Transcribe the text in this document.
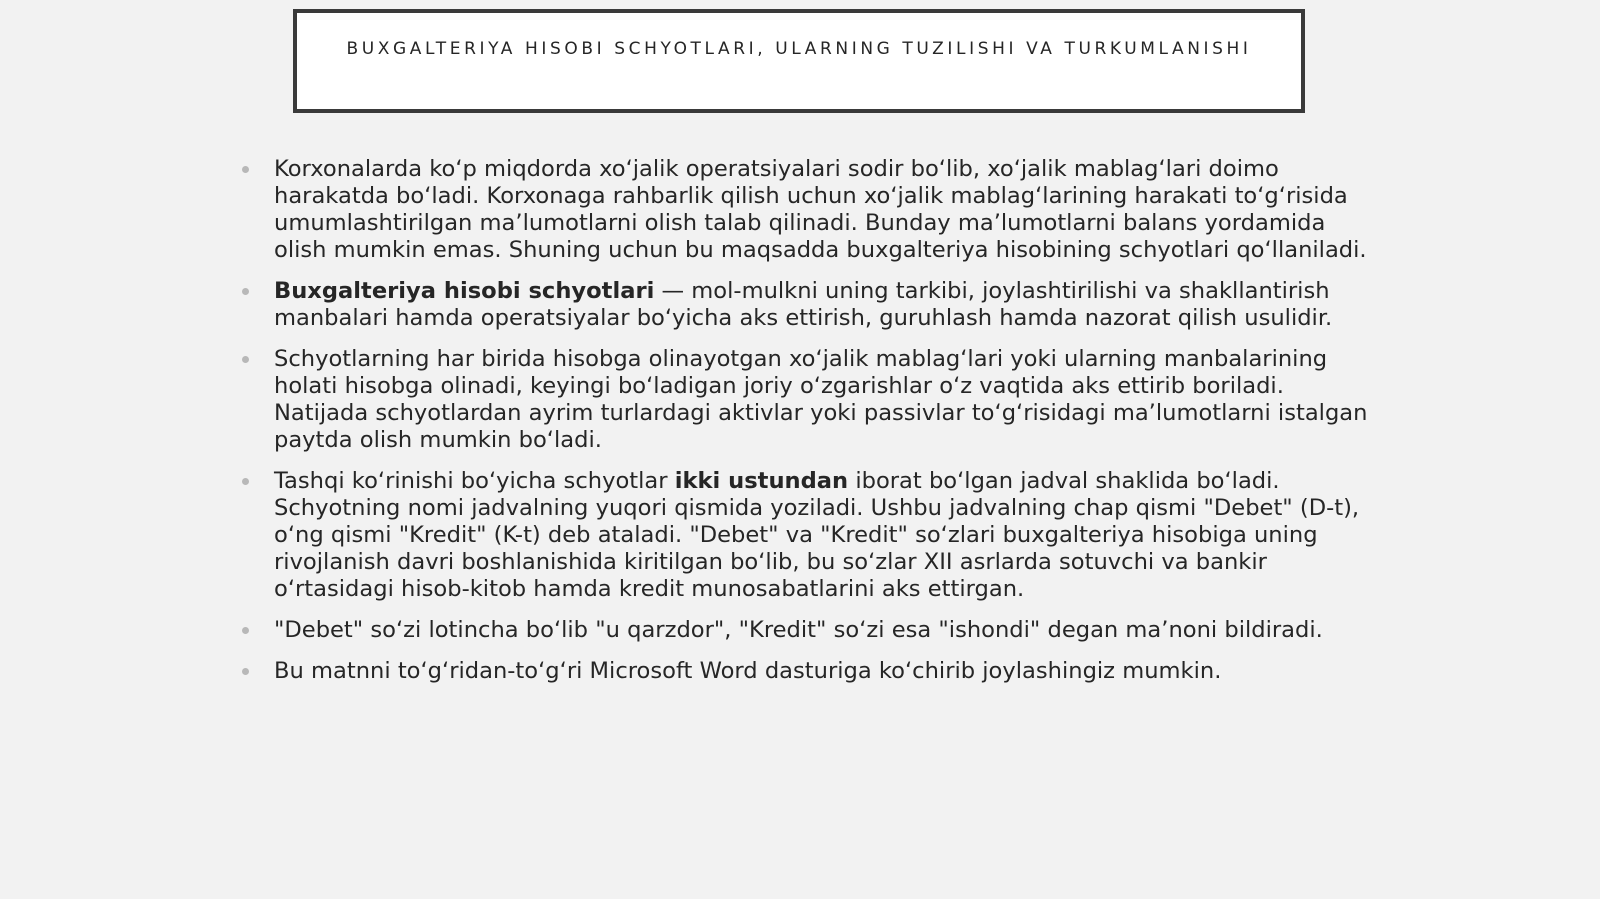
BUXGALTERIYA HISOBI SCHYOTLARI, ULARNING TUZILISHI VA TURKUMLANISHI
Korxonalarda ko‘p miqdorda xo‘jalik operatsiyalari sodir bo‘lib, xo‘jalik mablag‘lari doimo harakatda bo‘ladi. Korxonaga rahbarlik qilish uchun xo‘jalik mablag‘larining harakati to‘g‘risida umumlashtirilgan ma’lumotlarni olish talab qilinadi. Bunday ma’lumotlarni balans yordamida olish mumkin emas. Shuning uchun bu maqsadda buxgalteriya hisobining schyotlari qo‘llaniladi.
Buxgalteriya hisobi schyotlari — mol-mulkni uning tarkibi, joylashtirilishi va shakllantirish manbalari hamda operatsiyalar bo‘yicha aks ettirish, guruhlash hamda nazorat qilish usulidir.
Schyotlarning har birida hisobga olinayotgan xo‘jalik mablag‘lari yoki ularning manbalarining holati hisobga olinadi, keyingi bo‘ladigan joriy o‘zgarishlar o‘z vaqtida aks ettirib boriladi. Natijada schyotlardan ayrim turlardagi aktivlar yoki passivlar to‘g‘risidagi ma’lumotlarni istalgan paytda olish mumkin bo‘ladi.
Tashqi ko‘rinishi bo‘yicha schyotlar ikki ustundan iborat bo‘lgan jadval shaklida bo‘ladi. Schyotning nomi jadvalning yuqori qismida yoziladi. Ushbu jadvalning chap qismi "Debet" (D-t), o‘ng qismi "Kredit" (K-t) deb ataladi. "Debet" va "Kredit" so‘zlari buxgalteriya hisobiga uning rivojlanish davri boshlanishida kiritilgan bo‘lib, bu so‘zlar XII asrlarda sotuvchi va bankir o‘rtasidagi hisob-kitob hamda kredit munosabatlarini aks ettirgan.
"Debet" so‘zi lotincha bo‘lib "u qarzdor", "Kredit" so‘zi esa "ishondi" degan ma’noni bildiradi.
Bu matnni to‘g‘ridan-to‘g‘ri Microsoft Word dasturiga ko‘chirib joylashingiz mumkin.
